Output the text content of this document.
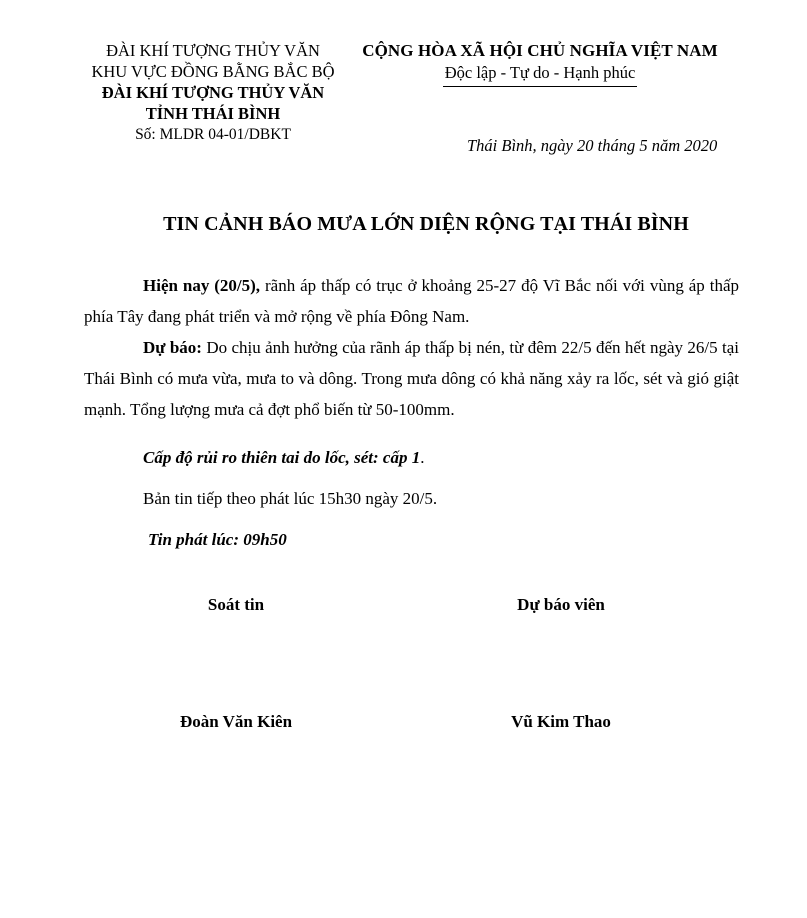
ĐÀI KHÍ TƯỢNG THỦY VĂN
KHU VỰC ĐỒNG BẰNG BẮC BỘ
ĐÀI KHÍ TƯỢNG THỦY VĂN
TỈNH THÁI BÌNH
Số: MLDR 04-01/DBKT
CỘNG HÒA XÃ HỘI CHỦ NGHĨA VIỆT NAM
Độc lập - Tự do - Hạnh phúc
Thái Bình, ngày 20 tháng 5 năm 2020
TIN CẢNH BÁO MƯA LỚN DIỆN RỘNG TẠI THÁI BÌNH

Hiện nay (20/5), rãnh áp thấp có trục ở khoảng 25-27 độ Vĩ Bắc nối với vùng áp thấp phía Tây đang phát triển và mở rộng về phía Đông Nam.

Dự báo: Do chịu ảnh hưởng của rãnh áp thấp bị nén, từ đêm 22/5 đến hết ngày 26/5 tại Thái Bình có mưa vừa, mưa to và dông. Trong mưa dông có khả năng xảy ra lốc, sét và gió giật mạnh. Tổng lượng mưa cả đợt phổ biến từ 50-100mm.

Cấp độ rủi ro thiên tai do lốc, sét: cấp 1.
Bản tin tiếp theo phát lúc 15h30 ngày 20/5.
Tin phát lúc: 09h50
Soát tin	Dự báo viên
Đoàn Văn Kiên	Vũ Kim Thao
